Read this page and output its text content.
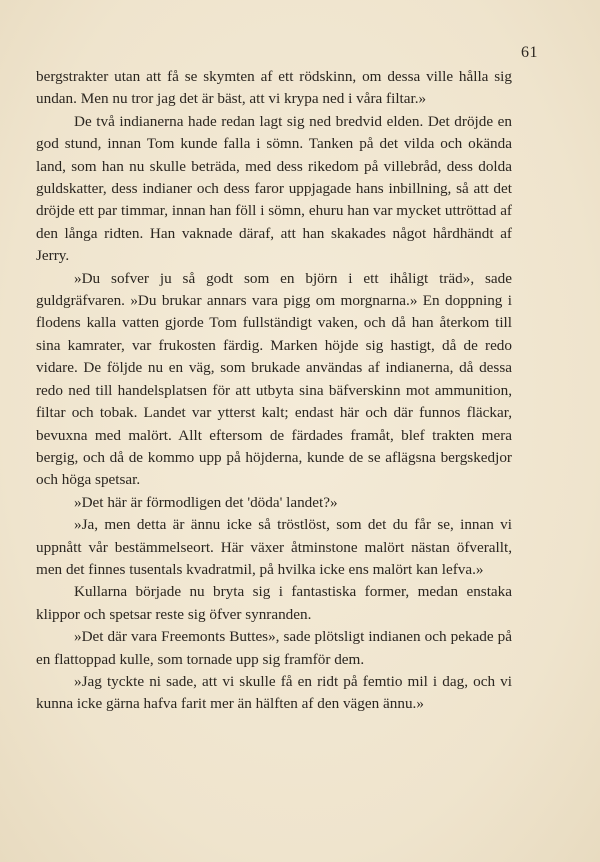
61

bergstrakter utan att få se skymten af ett rödskinn, om dessa ville hålla sig undan. Men nu tror jag det är bäst, att vi krypa ned i våra filtar.»

De två indianerna hade redan lagt sig ned bredvid elden. Det dröjde en god stund, innan Tom kunde falla i sömn. Tanken på det vilda och okända land, som han nu skulle beträda, med dess rikedom på villebråd, dess dolda guldskatter, dess indianer och dess faror uppjagade hans inbillning, så att det dröjde ett par timmar, innan han föll i sömn, ehuru han var mycket uttröttad af den långa ridten. Han vaknade däraf, att han skakades något hårdhändt af Jerry.

»Du sofver ju så godt som en björn i ett ihåligt träd», sade guldgräfvaren. »Du brukar annars vara pigg om morgnarna.» En doppning i flodens kalla vatten gjorde Tom fullständigt vaken, och då han återkom till sina kamrater, var frukosten färdig. Marken höjde sig hastigt, då de redo vidare. De följde nu en väg, som brukade användas af indianerna, då dessa redo ned till handelsplatsen för att utbyta sina bäfverskinn mot ammunition, filtar och tobak. Landet var ytterst kalt; endast här och där funnos fläckar, bevuxna med malört. Allt eftersom de färdades framåt, blef trakten mera bergig, och då de kommo upp på höjderna, kunde de se aflägsna bergskedjor och höga spetsar.

»Det här är förmodligen det 'döda' landet?»

»Ja, men detta är ännu icke så tröstlöst, som det du får se, innan vi uppnått vår bestämmelseort. Här växer åtminstone malört nästan öfverallt, men det finnes tusentals kvadratmil, på hvilka icke ens malört kan lefva.»

Kullarna började nu bryta sig i fantastiska former, medan enstaka klippor och spetsar reste sig öfver synranden.

»Det där vara Freemonts Buttes», sade plötsligt indianen och pekade på en flattoppad kulle, som tornade upp sig framför dem.

»Jag tyckte ni sade, att vi skulle få en ridt på femtio mil i dag, och vi kunna icke gärna hafva farit mer än hälften af den vägen ännu.»
